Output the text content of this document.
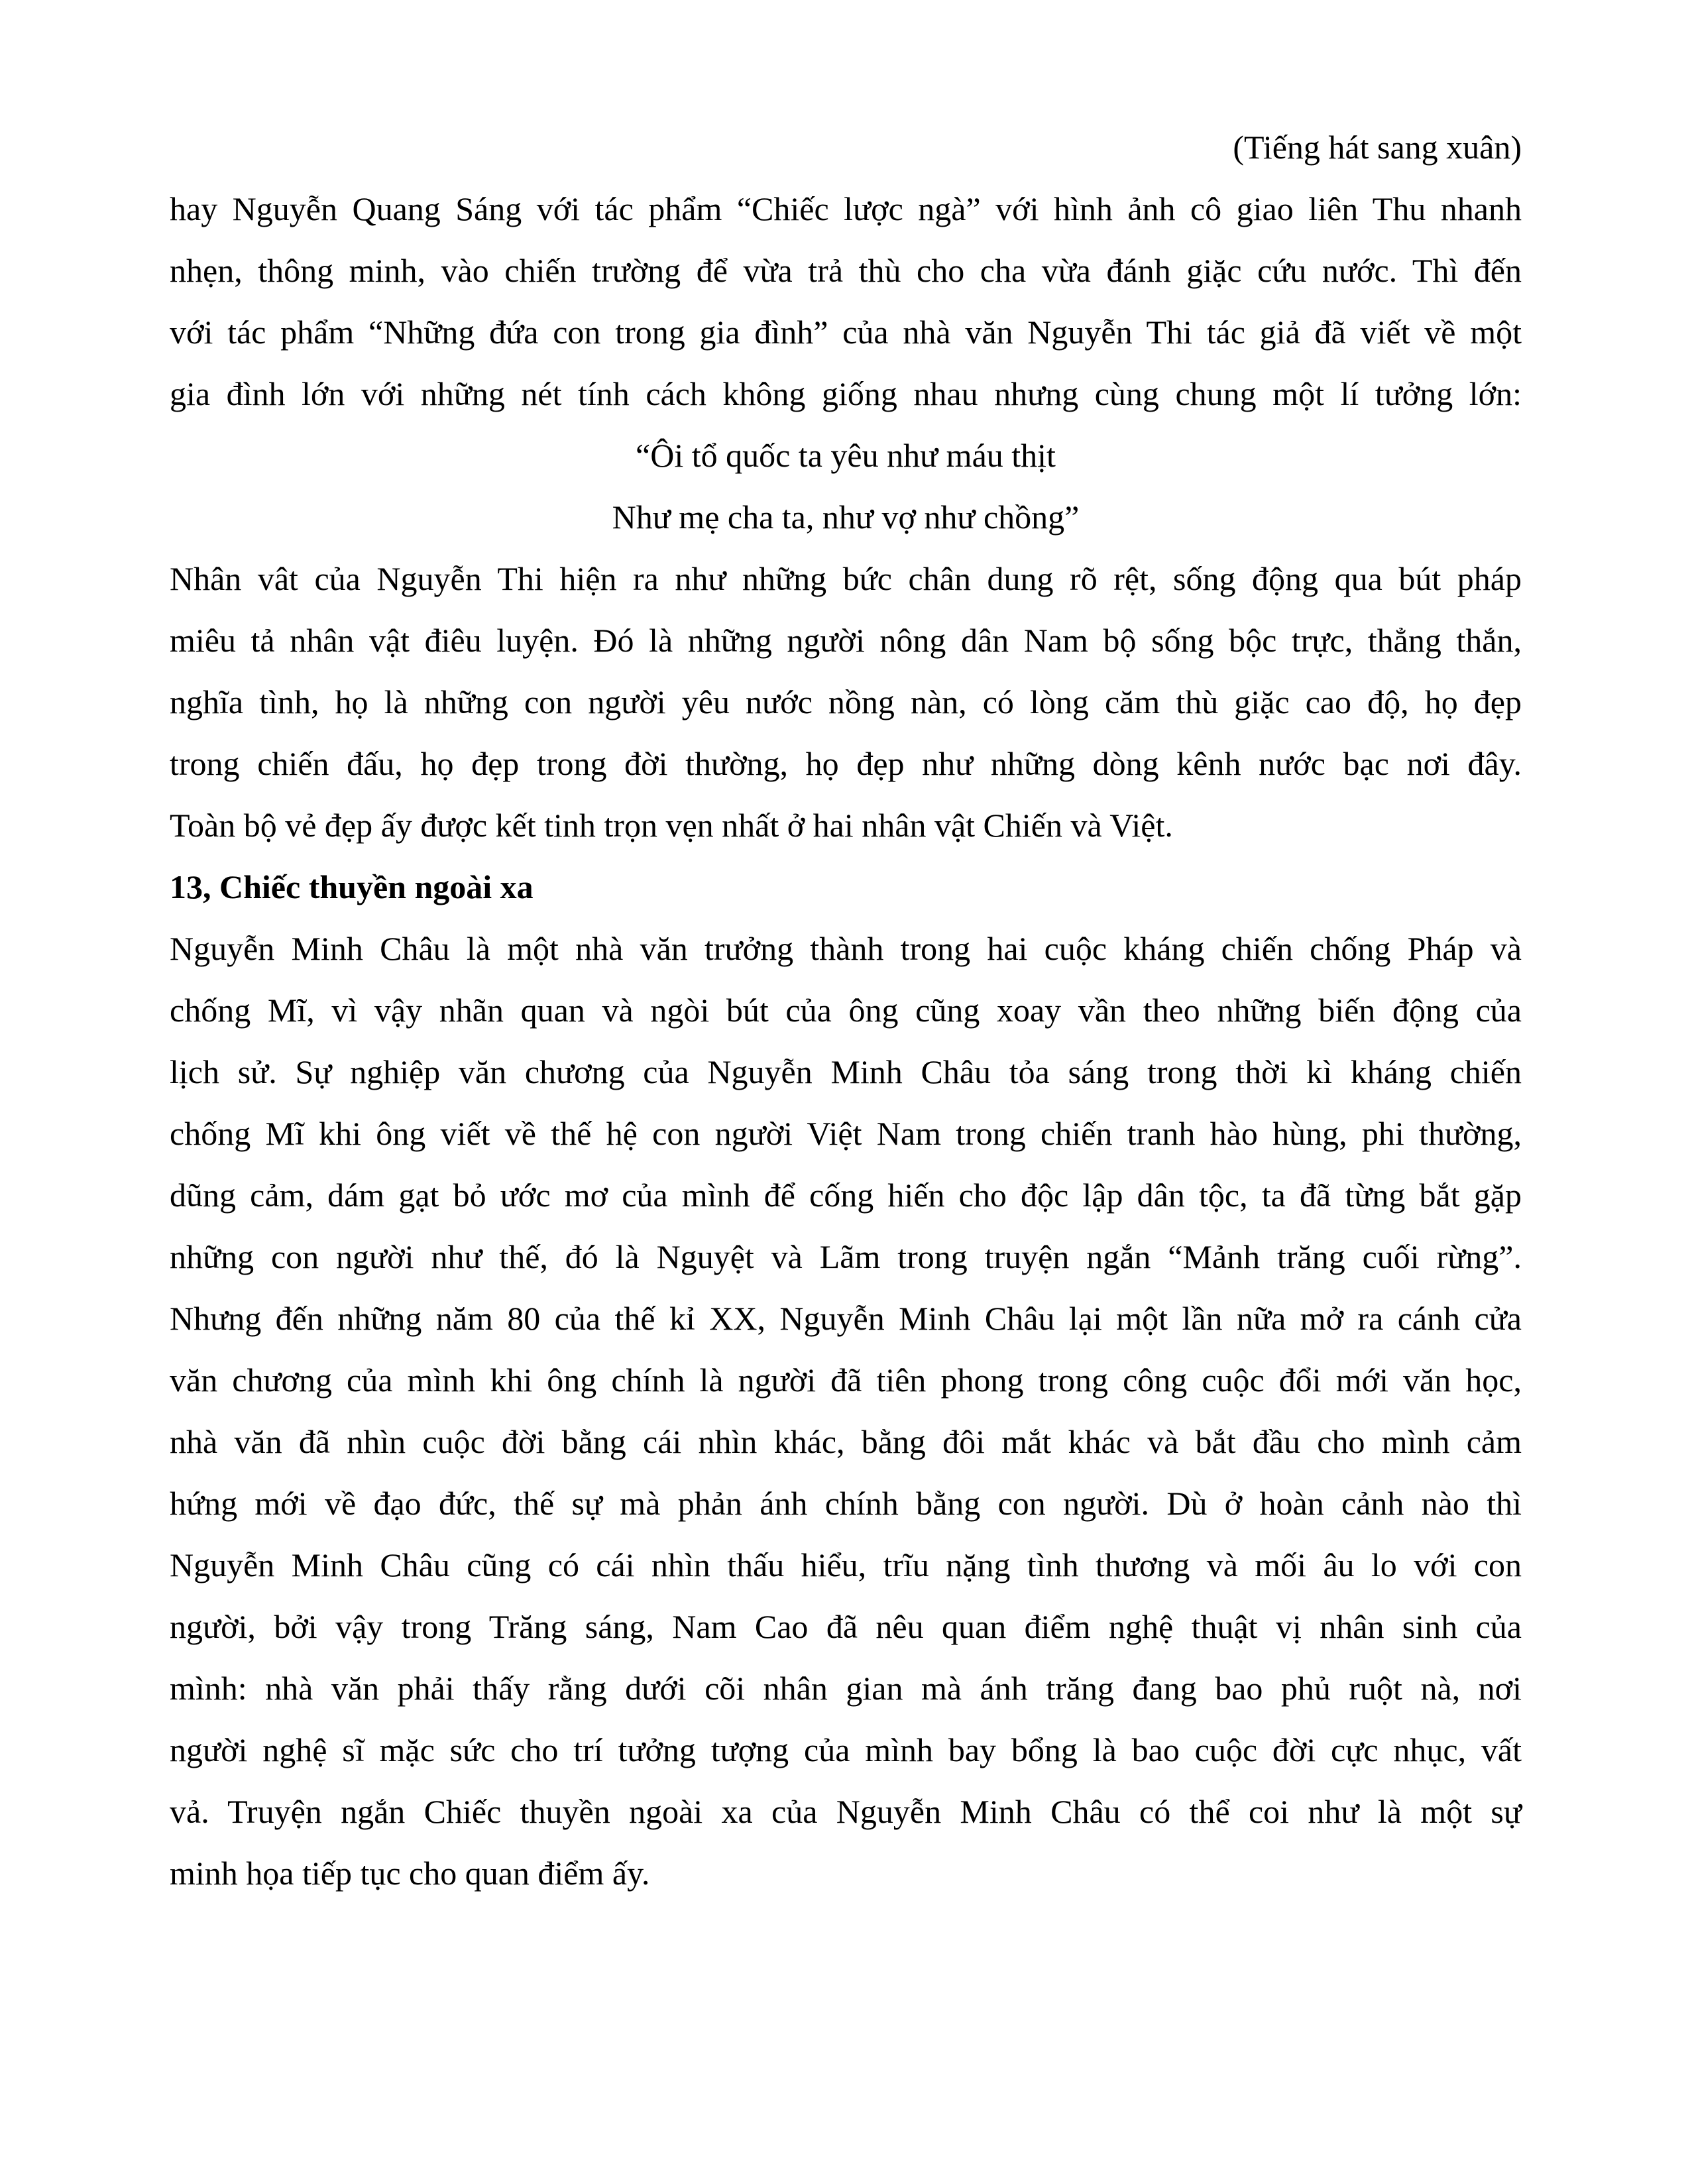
(Tiếng hát sang xuân)
hay Nguyễn Quang Sáng với tác phẩm “Chiếc lược ngà” với hình ảnh cô giao liên Thu nhanh
nhẹn, thông minh, vào chiến trường để vừa trả thù cho cha vừa đánh giặc cứu nước. Thì đến
với tác phẩm “Những đứa con trong gia đình” của nhà văn Nguyễn Thi tác giả đã viết về một
gia đình lớn với những nét tính cách không giống nhau nhưng cùng chung một lí tưởng lớn:
“Ôi tổ quốc ta yêu như máu thịt
Như mẹ cha ta, như vợ như chồng”
Nhân vât của Nguyễn Thi hiện ra như những bức chân dung rõ rệt, sống động qua bút pháp
miêu tả nhân vật điêu luyện. Đó là những người nông dân Nam bộ sống bộc trực, thẳng thắn,
nghĩa tình, họ là những con người yêu nước nồng nàn, có lòng căm thù giặc cao độ, họ đẹp
trong chiến đấu, họ đẹp trong đời thường, họ đẹp như những dòng kênh nước bạc nơi đây.
Toàn bộ vẻ đẹp ấy được kết tinh trọn vẹn nhất ở hai nhân vật Chiến và Việt.
13, Chiếc thuyền ngoài xa
Nguyễn Minh Châu là một nhà văn trưởng thành trong hai cuộc kháng chiến chống Pháp và
chống Mĩ, vì vậy nhãn quan và ngòi bút của ông cũng xoay vần theo những biến động của
lịch sử. Sự nghiệp văn chương của Nguyễn Minh Châu tỏa sáng trong thời kì kháng chiến
chống Mĩ khi ông viết về thế hệ con người Việt Nam trong chiến tranh hào hùng, phi thường,
dũng cảm, dám gạt bỏ ước mơ của mình để cống hiến cho độc lập dân tộc, ta đã từng bắt gặp
những con người như thế, đó là Nguyệt và Lãm trong truyện ngắn “Mảnh trăng cuối rừng”.
Nhưng đến những năm 80 của thế kỉ XX, Nguyễn Minh Châu lại một lần nữa mở ra cánh cửa
văn chương của mình khi ông chính là người đã tiên phong trong công cuộc đổi mới văn học,
nhà văn đã nhìn cuộc đời bằng cái nhìn khác, bằng đôi mắt khác và bắt đầu cho mình cảm
hứng mới về đạo đức, thế sự mà phản ánh chính bằng con người. Dù ở hoàn cảnh nào thì
Nguyễn Minh Châu cũng có cái nhìn thấu hiểu, trĩu nặng tình thương và mối âu lo với con
người, bởi vậy trong Trăng sáng, Nam Cao đã nêu quan điểm nghệ thuật vị nhân sinh của
mình: nhà văn phải thấy rằng dưới cõi nhân gian mà ánh trăng đang bao phủ ruột nà, nơi
người nghệ sĩ mặc sức cho trí tưởng tượng của mình bay bổng là bao cuộc đời cực nhục, vất
vả. Truyện ngắn Chiếc thuyền ngoài xa của Nguyễn Minh Châu có thể coi như là một sự
minh họa tiếp tục cho quan điểm ấy.
